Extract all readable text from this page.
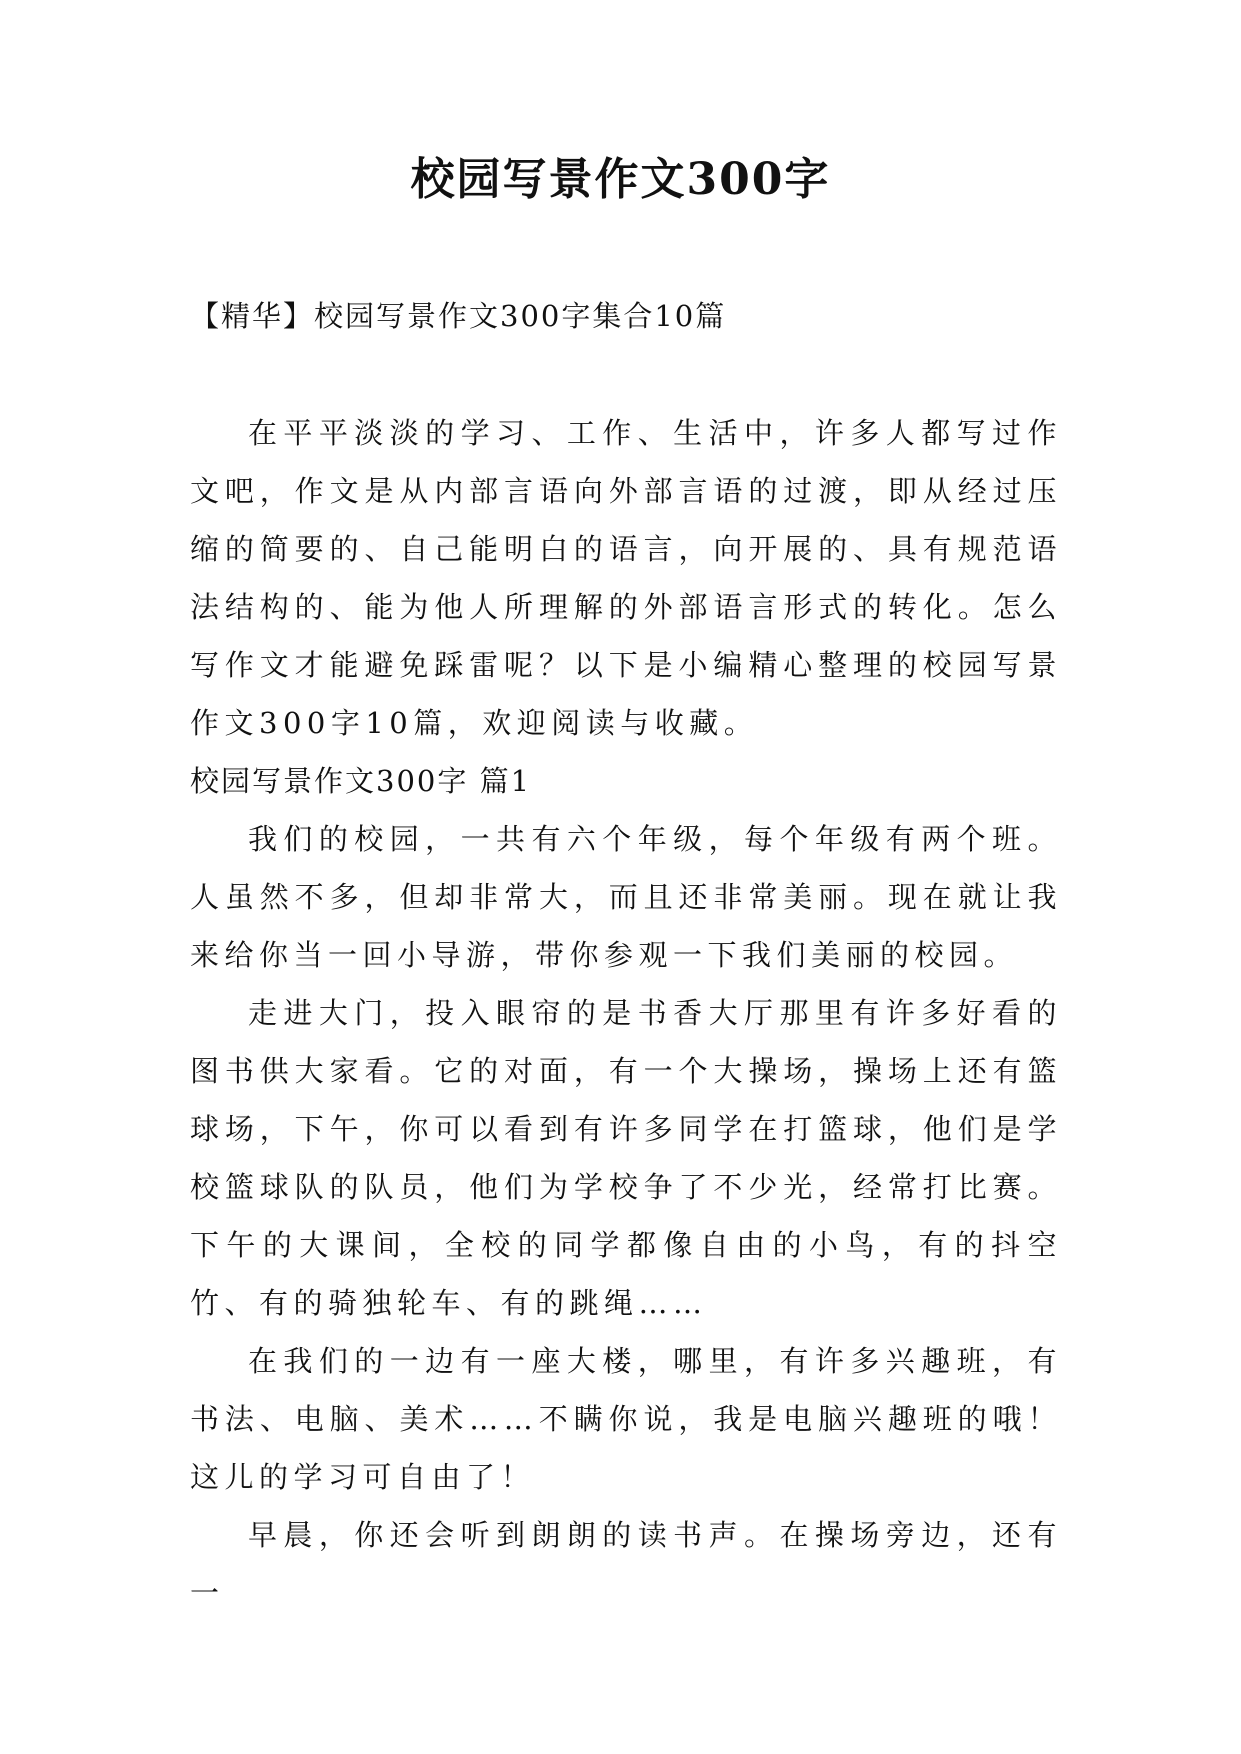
校园写景作文300字

【精华】校园写景作文300字集合10篇

在平平淡淡的学习、工作、生活中，许多人都写过作文吧，作文是从内部言语向外部言语的过渡，即从经过压缩的简要的、自己能明白的语言，向开展的、具有规范语法结构的、能为他人所理解的外部语言形式的转化。怎么写作文才能避免踩雷呢？以下是小编精心整理的校园写景作文300字10篇，欢迎阅读与收藏。

校园写景作文300字 篇1

我们的校园，一共有六个年级，每个年级有两个班。人虽然不多，但却非常大，而且还非常美丽。现在就让我来给你当一回小导游，带你参观一下我们美丽的校园。

走进大门，投入眼帘的是书香大厅那里有许多好看的图书供大家看。它的对面，有一个大操场，操场上还有篮球场，下午，你可以看到有许多同学在打篮球，他们是学校篮球队的队员，他们为学校争了不少光，经常打比赛。下午的大课间，全校的同学都像自由的小鸟，有的抖空竹、有的骑独轮车、有的跳绳……

在我们的一边有一座大楼，哪里，有许多兴趣班，有书法、电脑、美术……不瞒你说，我是电脑兴趣班的哦！这儿的学习可自由了！

早晨，你还会听到朗朗的读书声。在操场旁边，还有一
